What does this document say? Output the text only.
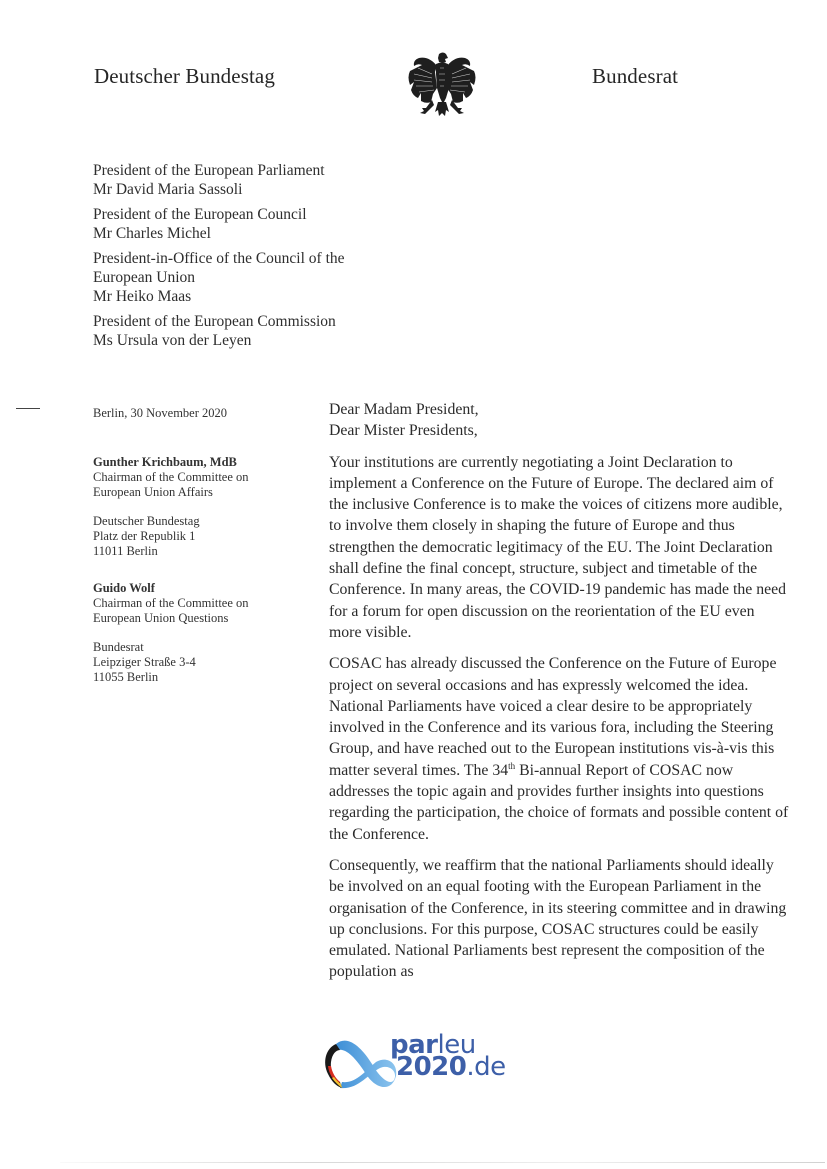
Deutscher Bundestag	Bundesrat
President of the European Parliament
Mr David Maria Sassoli
President of the European Council
Mr Charles Michel
President-in-Office of the Council of the
European Union
Mr Heiko Maas
President of the European Commission
Ms Ursula von der Leyen
Berlin, 30 November 2020
Gunther Krichbaum, MdB
Chairman of the Committee on
European Union Affairs
Deutscher Bundestag
Platz der Republik 1
11011 Berlin
Guido Wolf
Chairman of the Committee on
European Union Questions
Bundesrat
Leipziger Straße 3-4
11055 Berlin
Dear Madam President,
Dear Mister Presidents,

Your institutions are currently negotiating a Joint Declaration to implement a Conference on the Future of Europe. The declared aim of the inclusive Conference is to make the voices of citizens more audible, to involve them closely in shaping the future of Europe and thus strengthen the democratic legitimacy of the EU. The Joint Declaration shall define the final concept, structure, subject and timetable of the Conference. In many areas, the COVID-19 pandemic has made the need for a forum for open discussion on the reorientation of the EU even more visible.

COSAC has already discussed the Conference on the Future of Europe project on several occasions and has expressly welcomed the idea. National Parliaments have voiced a clear desire to be appropriately involved in the Conference and its various fora, including the Steering Group, and have reached out to the European institutions vis-à-vis this matter several times. The 34th Bi-annual Report of COSAC now addresses the topic again and provides further insights into questions regarding the participation, the choice of formats and possible content of the Conference.

Consequently, we reaffirm that the national Parliaments should ideally be involved on an equal footing with the European Parliament in the organisation of the Conference, in its steering committee and in drawing up conclusions. For this purpose, COSAC structures could be easily emulated. National Parliaments best represent the composition of the population as

parleu
2020.de
